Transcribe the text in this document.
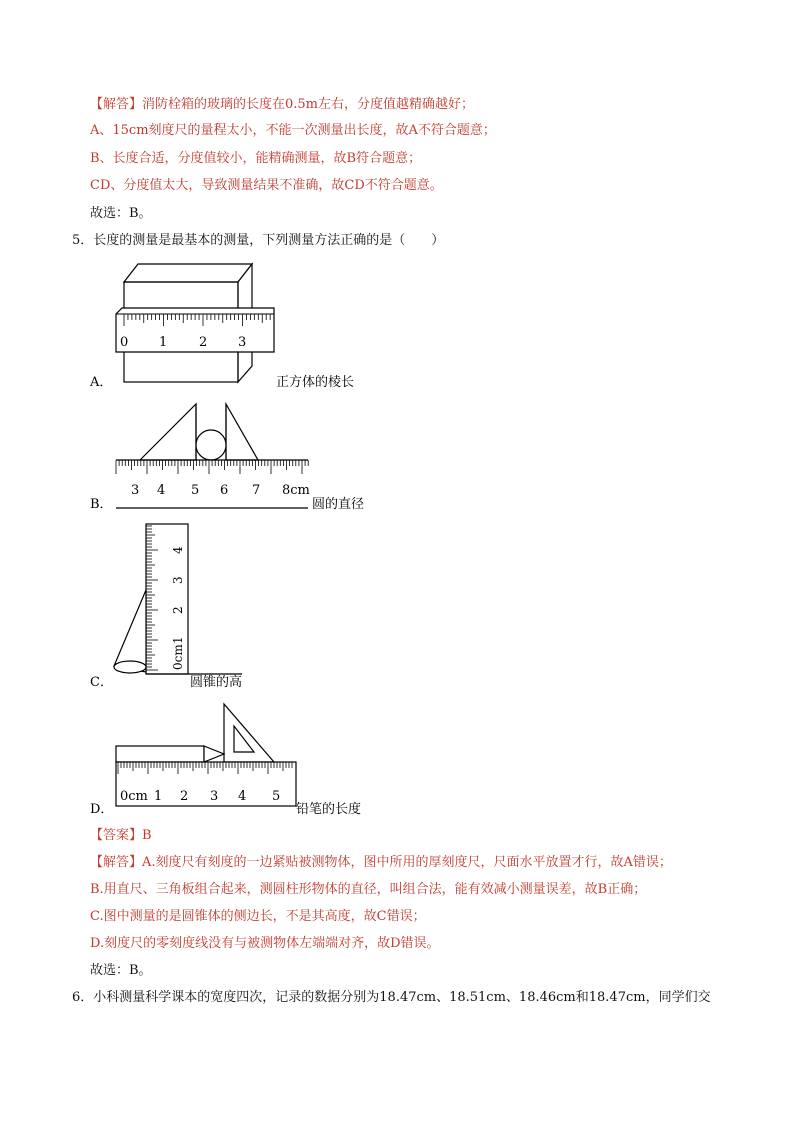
【解答】消防栓箱的玻璃的长度在0.5m左右，分度值越精确越好；
A、15cm刻度尺的量程太小，不能一次测量出长度，故A不符合题意；
B、长度合适，分度值较小，能精确测量，故B符合题意；
CD、分度值太大，导致测量结果不准确，故CD不符合题意。
故选：B。
5．长度的测量是最基本的测量，下列测量方法正确的是（　　）
A．
0 1 2 3
正方体的棱长
B．
3 4 5 6 7 8cm
圆的直径
C．
0cm
1
2
3
4
圆锥的高
D．
0cm 1 2 3 4 5
铅笔的长度
【答案】B
【解答】A.刻度尺有刻度的一边紧贴被测物体，图中所用的厚刻度尺，尺面水平放置才行，故A错误；
B.用直尺、三角板组合起来，测圆柱形物体的直径，叫组合法，能有效减小测量误差，故B正确；
C.图中测量的是圆锥体的侧边长，不是其高度，故C错误；
D.刻度尺的零刻度线没有与被测物体左端端对齐，故D错误。
故选：B。
6．小科测量科学课本的宽度四次，记录的数据分别为18.47cm、18.51cm、18.46cm和18.47cm，同学们交
